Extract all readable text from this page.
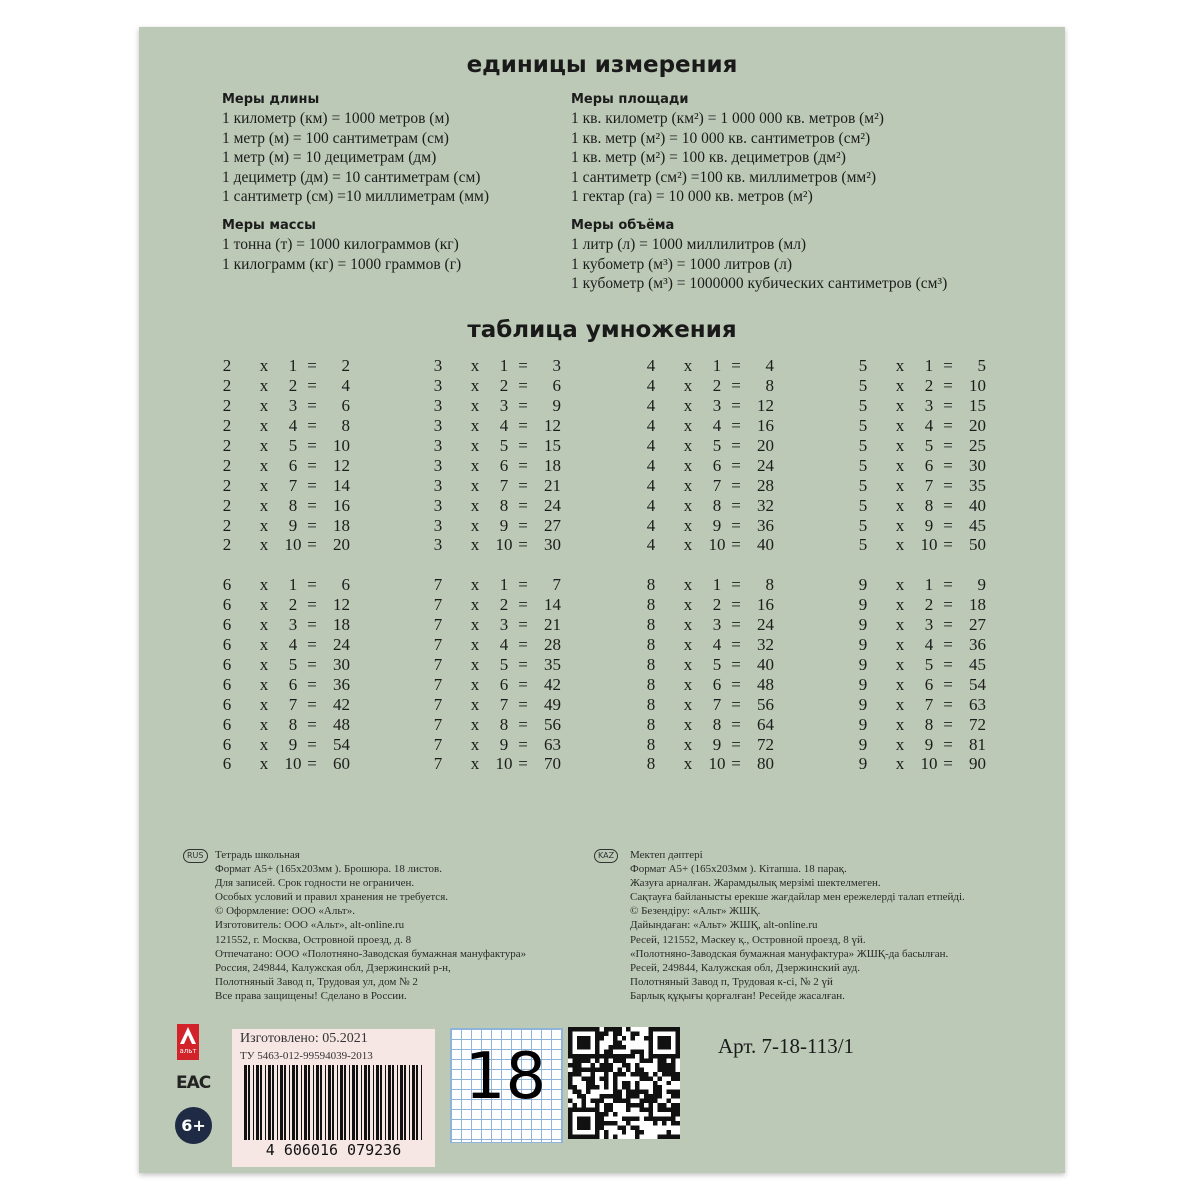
единицы измерения
Меры длины
1 километр (км) = 1000 метров (м)
1 метр (м) = 100 сантиметрам (см)
1 метр (м) = 10 дециметрам (дм)
1 дециметр (дм) = 10 сантиметрам (см)
1 сантиметр (см) =10 миллиметрам (мм)
Меры массы
1 тонна (т) = 1000 килограммов (кг)
1 килограмм (кг) = 1000 граммов (г)
Меры площади
1 кв. километр (км²) = 1 000 000 кв. метров (м²)
1 кв. метр (м²) = 10 000 кв. сантиметров (см²)
1 кв. метр (м²) = 100 кв. дециметров (дм²)
1 сантиметр (см²) =100 кв. миллиметров (мм²)
1 гектар (га) = 10 000 кв. метров (м²)
Меры объёма
1 литр (л) = 1000 миллилитров (мл)
1 кубометр (м³) = 1000 литров (л)
1 кубометр (м³) = 1000000 кубических сантиметров (см³)
таблица умножения
2 x	1 =	2
2 x	2 =	4
2 x	3 =	6
2 x	4 =	8
2 x	5 = 10
2 x	6 = 12
2 x	7 = 14
2 x	8 = 16
2 x	9 = 18
2 x 10 = 20
3 x	1 =	3
3 x	2 =	6
3 x	3 =	9
3 x	4 = 12
3 x	5 = 15
3 x	6 = 18
3 x	7 = 21
3 x	8 = 24
3 x	9 = 27
3 x 10 = 30
4 x	1 =	4
4 x	2 =	8
4 x	3 = 12
4 x	4 = 16
4 x	5 = 20
4 x	6 = 24
4 x	7 = 28
4 x	8 = 32
4 x	9 = 36
4 x 10 = 40
5 x	1 =	5
5 x	2 = 10
5 x	3 = 15
5 x	4 = 20
5 x	5 = 25
5 x	6 = 30
5 x	7 = 35
5 x	8 = 40
5 x	9 = 45
5 x 10 = 50
6 x	1 =	6
6 x	2 = 12
6 x	3 = 18
6 x	4 = 24
6 x	5 = 30
6 x	6 = 36
6 x	7 = 42
6 x	8 = 48
6 x	9 = 54
6 x 10 = 60
7 x	1 =	7
7 x	2 = 14
7 x	3 = 21
7 x	4 = 28
7 x	5 = 35
7 x	6 = 42
7 x	7 = 49
7 x	8 = 56
7 x	9 = 63
7 x 10 = 70
8 x	1 =	8
8 x	2 = 16
8 x	3 = 24
8 x	4 = 32
8 x	5 = 40
8 x	6 = 48
8 x	7 = 56
8 x	8 = 64
8 x	9 = 72
8 x 10 = 80
9 x	1 =	9
9 x	2 = 18
9 x	3 = 27
9 x	4 = 36
9 x	5 = 45
9 x	6 = 54
9 x	7 = 63
9 x	8 = 72
9 x	9 = 81
9 x 10 = 90
RUS	Тетрадь школьная
Формат А5+ (165х203мм ). Брошюра. 18 листов.
Для записей. Срок годности не ограничен.
Особых условий и правил хранения не требуется.
© Оформление: ООО «Альт».
Изготовитель: ООО «Альт», alt-online.ru
121552, г. Москва, Островной проезд, д. 8
Отпечатано: ООО «Полотняно-Заводская бумажная мануфактура»
Россия, 249844, Калужская обл, Дзержинский р-н,
Полотняный Завод п, Трудовая ул, дом № 2
Все права защищены! Сделано в России.
KAZ	Мектеп дәптері
Формат А5+ (165х203мм ). Кітапша. 18 парақ.
Жазуға арналған. Жарамдылық мерзімі шектелмеген.
Сақтауға байланысты ерекше жағдайлар мен ережелерді талап етпейді.
© Безендіру: «Альт» ЖШҚ.
Дайындаған: «Альт» ЖШҚ, alt-online.ru
Ресей, 121552, Мәскеу қ., Островной проезд, 8 үй.
«Полотняно-Заводская бумажная мануфактура» ЖШҚ-да басылған.
Ресей, 249844, Калужская обл, Дзержинский ауд.
Полотняный Завод п, Трудовая к-сі, № 2 үй
Барлық құқығы қорғалған! Ресейде жасалған.
альт
ЕАС
6+
Изготовлено: 05.2021
ТУ 5463-012-99594039-2013
4 606016 079236
18	Арт. 7-18-113/1
